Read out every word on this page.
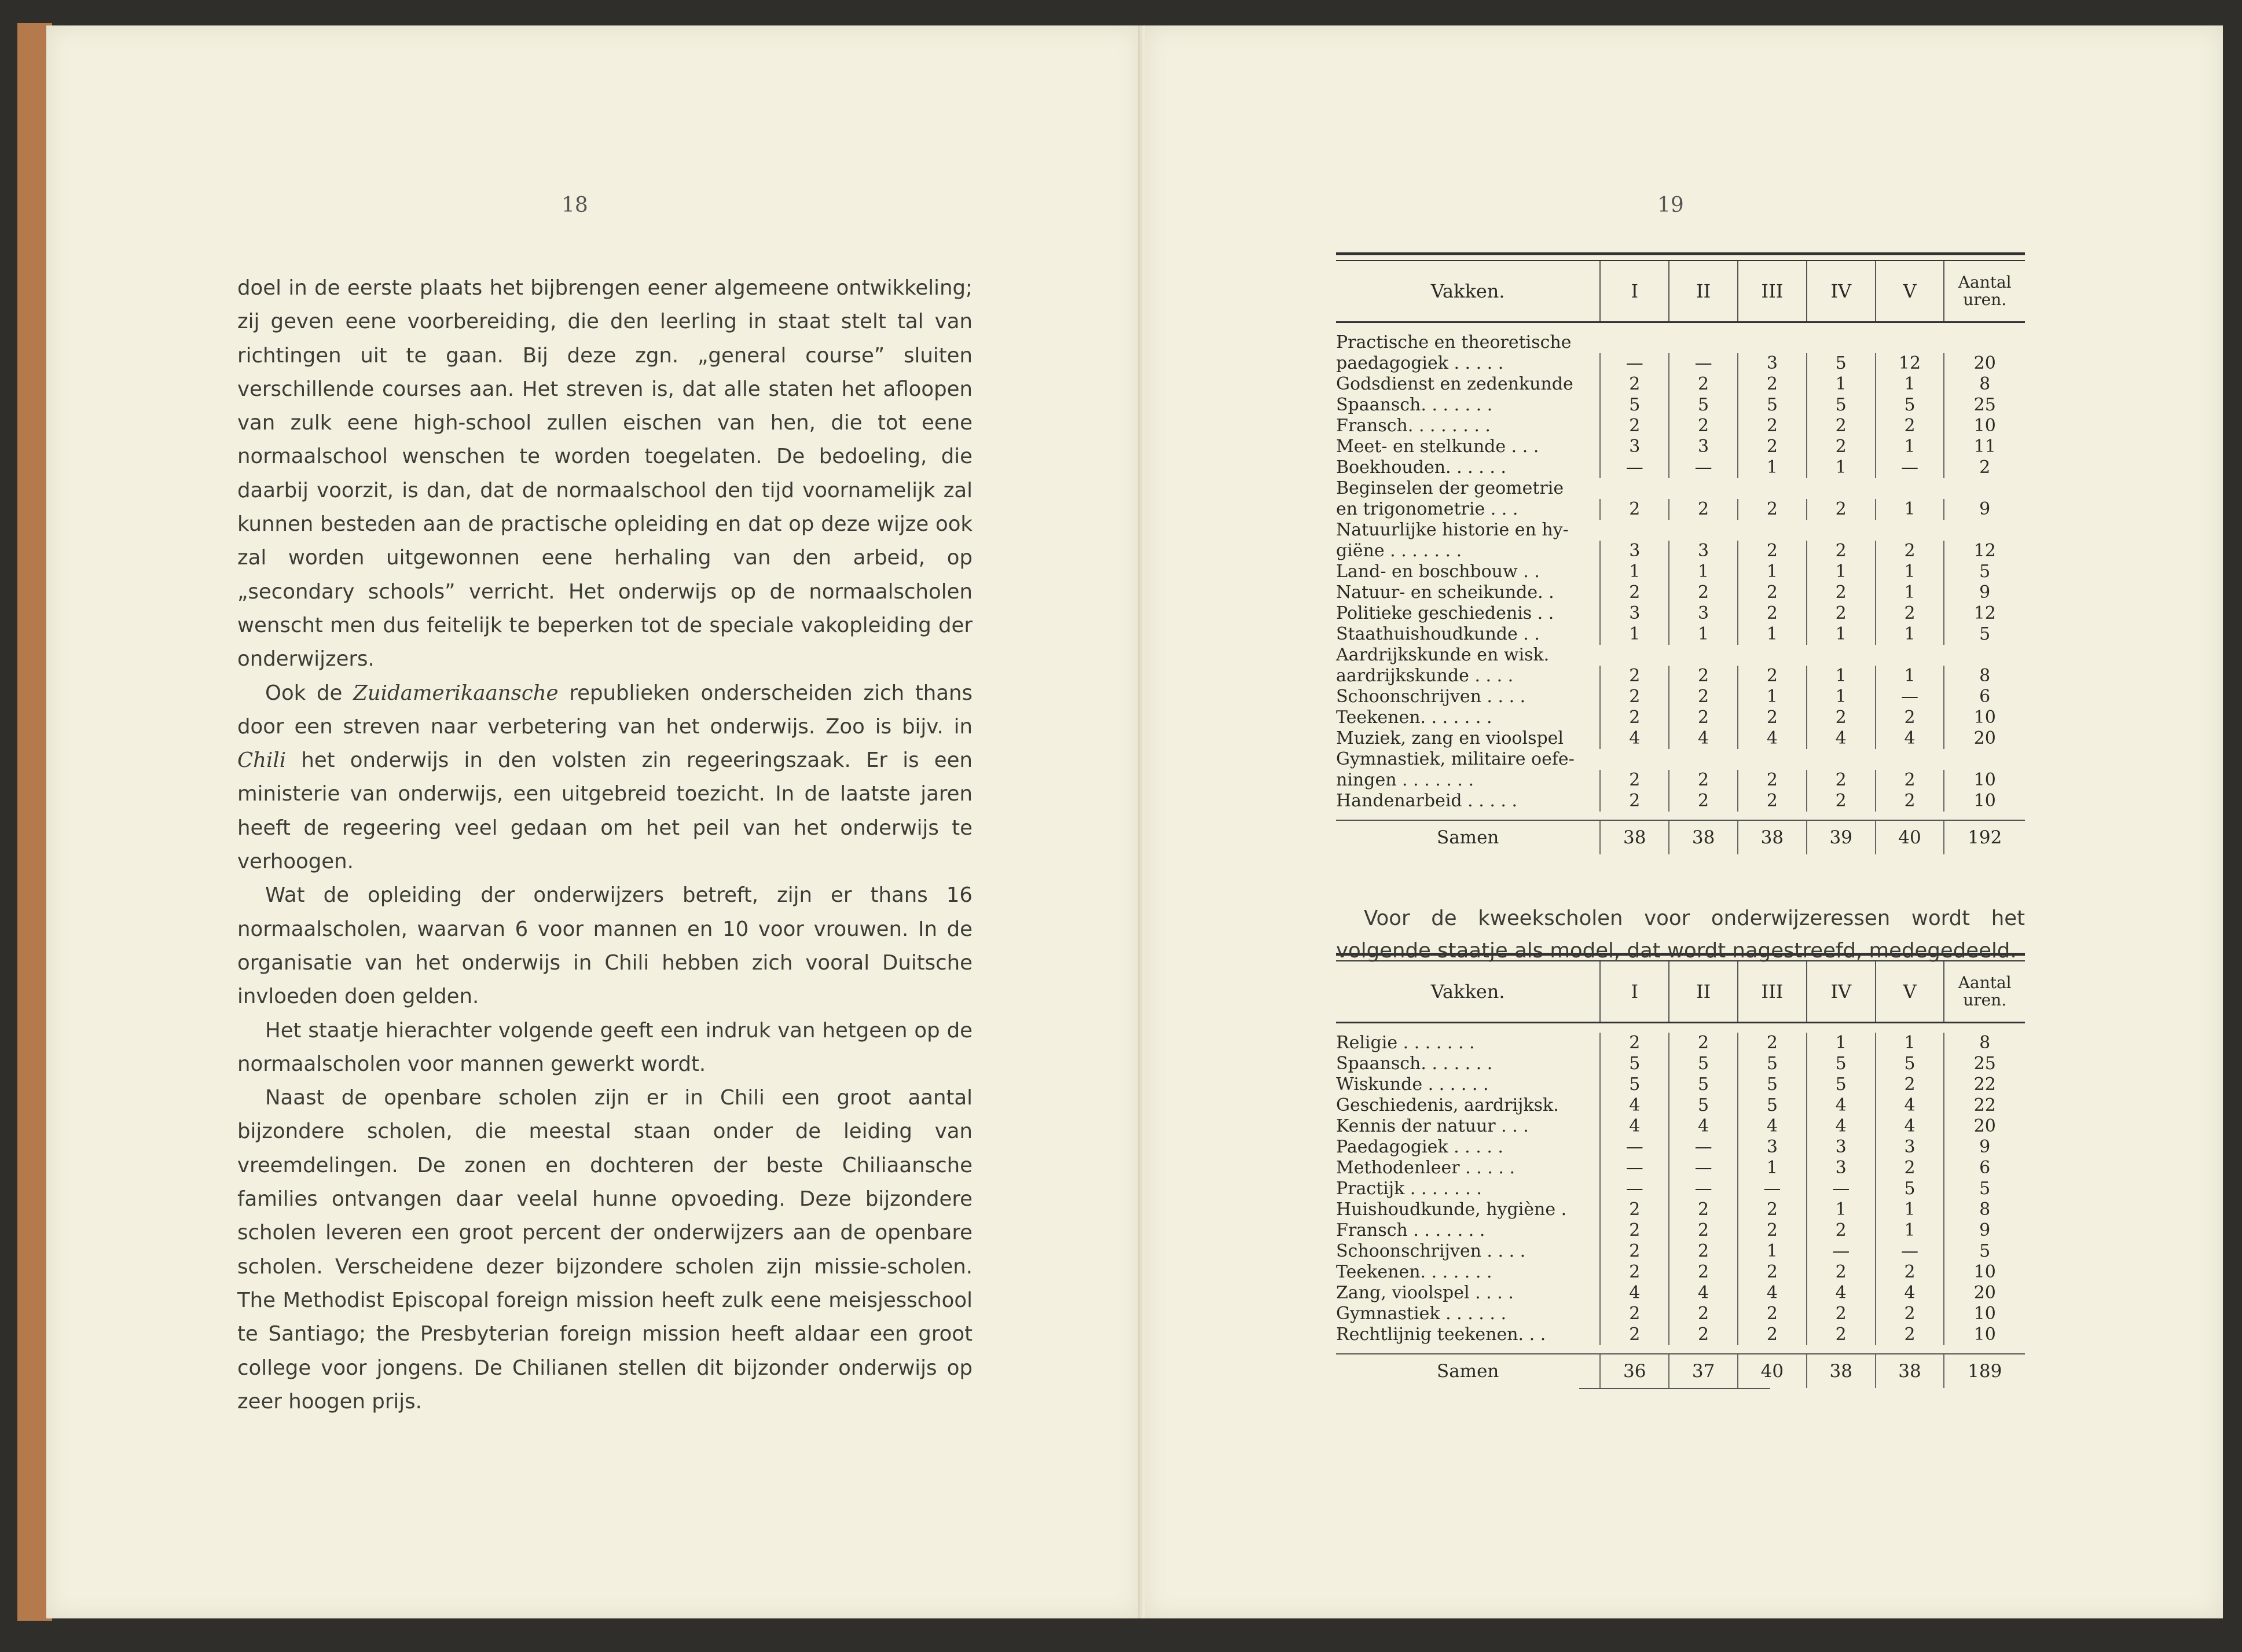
18

doel in de eerste plaats het bijbrengen eener algemeene ontwikkeling; zij geven eene voorbereiding, die den leerling in staat stelt tal van richtingen uit te gaan. Bij deze zgn. „general course” sluiten verschillende courses aan. Het streven is, dat alle staten het afloopen van zulk eene high-school zullen eischen van hen, die tot eene normaalschool wenschen te worden toegelaten. De bedoeling, die daarbij voorzit, is dan, dat de normaalschool den tijd voornamelijk zal kunnen besteden aan de practische opleiding en dat op deze wijze ook zal worden uitgewonnen eene herhaling van den arbeid, op „secondary schools” verricht. Het onderwijs op de normaalscholen wenscht men dus feitelijk te beperken tot de speciale vakopleiding der onderwijzers.

Ook de Zuidamerikaansche republieken onderscheiden zich thans door een streven naar verbetering van het onderwijs. Zoo is bijv. in Chili het onderwijs in den volsten zin regeeringszaak. Er is een ministerie van onderwijs, een uitgebreid toezicht. In de laatste jaren heeft de regeering veel gedaan om het peil van het onderwijs te verhoogen.

Wat de opleiding der onderwijzers betreft, zijn er thans 16 normaalscholen, waarvan 6 voor mannen en 10 voor vrouwen. In de organisatie van het onderwijs in Chili hebben zich vooral Duitsche invloeden doen gelden.

Het staatje hierachter volgende geeft een indruk van hetgeen op de normaalscholen voor mannen gewerkt wordt.

Naast de openbare scholen zijn er in Chili een groot aantal bijzondere scholen, die meestal staan onder de leiding van vreemdelingen. De zonen en dochteren der beste Chiliaansche families ontvangen daar veelal hunne opvoeding. Deze bijzondere scholen leveren een groot percent der onderwijzers aan de openbare scholen. Verscheidene dezer bijzondere scholen zijn missie-scholen. The Methodist Episcopal foreign mission heeft zulk eene meisjesschool te Santiago; the Presbyterian foreign mission heeft aldaar een groot college voor jongens. De Chilianen stellen dit bijzonder onderwijs op zeer hoogen prijs.

19
Vakken.	I	II	III	IV	V	Aantal uren.
Practische en theoretische
paedagogiek . . . . .	—	—	3	5	12	20
Godsdienst en zedenkunde	2	2	2	1	1	8
Spaansch. . . . . . .	5	5	5	5	5	25
Fransch. . . . . . . .	2	2	2	2	2	10
Meet- en stelkunde . . .	3	3	2	2	1	11
Boekhouden. . . . . .	—	—	1	1	—	2
Beginselen der geometrie
en trigonometrie . . .	2	2	2	2	1	9
Natuurlijke historie en hy-
giëne . . . . . . .	3	3	2	2	2	12
Land- en boschbouw . .	1	1	1	1	1	5
Natuur- en scheikunde. .	2	2	2	2	1	9
Politieke geschiedenis . .	3	3	2	2	2	12
Staathuishoudkunde . .	1	1	1	1	1	5
Aardrijkskunde en wisk.
aardrijkskunde . . . .	2	2	2	1	1	8
Schoonschrijven . . . .	2	2	1	1	—	6
Teekenen. . . . . . .	2	2	2	2	2	10
Muziek, zang en vioolspel	4	4	4	4	4	20
Gymnastiek, militaire oefe-
ningen . . . . . . .	2	2	2	2	2	10
Handenarbeid . . . . .	2	2	2	2	2	10
Samen	38	38	38	39	40	192
Voor de kweekscholen voor onderwijzeressen wordt het volgende staatje als model, dat wordt nagestreefd, medegedeeld.
Vakken.	I	II	III	IV	V	Aantal uren.
Religie . . . . . . .	2	2	2	1	1	8
Spaansch. . . . . . .	5	5	5	5	5	25
Wiskunde . . . . . .	5	5	5	5	2	22
Geschiedenis, aardrijksk.	4	5	5	4	4	22
Kennis der natuur . . .	4	4	4	4	4	20
Paedagogiek . . . . .	—	—	3	3	3	9
Methodenleer . . . . .	—	—	1	3	2	6
Practijk . . . . . . .	—	—	—	—	5	5
Huishoudkunde, hygiène .	2	2	2	1	1	8
Fransch . . . . . . .	2	2	2	2	1	9
Schoonschrijven . . . .	2	2	1	—	—	5
Teekenen. . . . . . .	2	2	2	2	2	10
Zang, vioolspel . . . .	4	4	4	4	4	20
Gymnastiek . . . . . .	2	2	2	2	2	10
Rechtlijnig teekenen. . .	2	2	2	2	2	10
Samen	36	37	40	38	38	189
